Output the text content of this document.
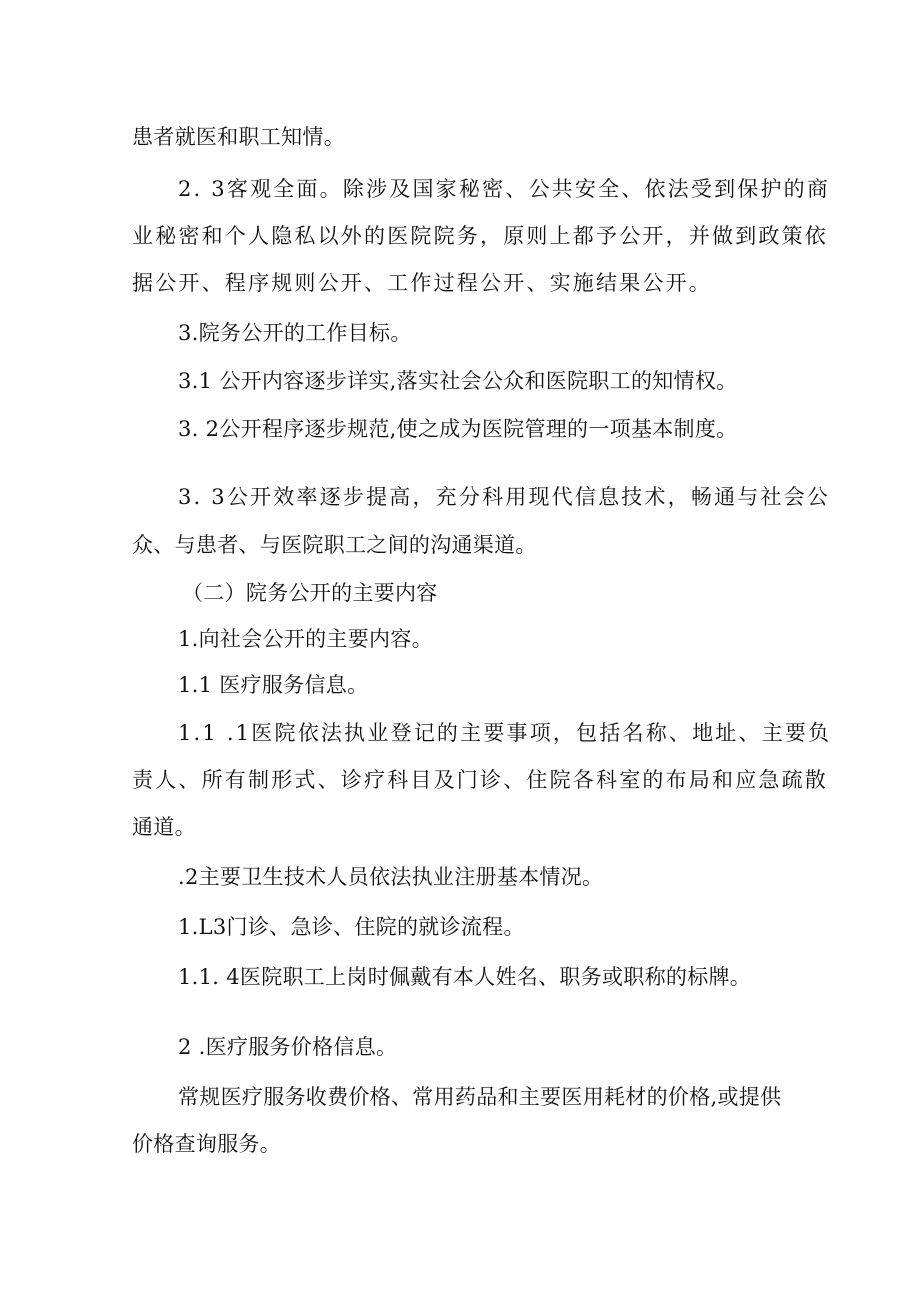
患者就医和职工知情。
2. 3客观全面。除涉及国家秘密、公共安全、依法受到保护的商
业秘密和个人隐私以外的医院院务，原则上都予公开，并做到政策依
据公开、程序规则公开、工作过程公开、实施结果公开。
3.院务公开的工作目标。
3.1 公开内容逐步详实,落实社会公众和医院职工的知情权。
3. 2公开程序逐步规范,使之成为医院管理的一项基本制度。
3. 3公开效率逐步提高，充分科用现代信息技术，畅通与社会公
众、与患者、与医院职工之间的沟通渠道。
（二）院务公开的主要内容
1.向社会公开的主要内容。
1.1 医疗服务信息。
1.1 .1医院依法执业登记的主要事项，包括名称、地址、主要负
责人、所有制形式、诊疗科目及门诊、住院各科室的布局和应急疏散
通道。
.2主要卫生技术人员依法执业注册基本情况。
1.L3门诊、急诊、住院的就诊流程。
1.1. 4医院职工上岗时佩戴有本人姓名、职务或职称的标牌。
2 .医疗服务价格信息。
常规医疗服务收费价格、常用药品和主要医用耗材的价格,或提供
价格查询服务。
